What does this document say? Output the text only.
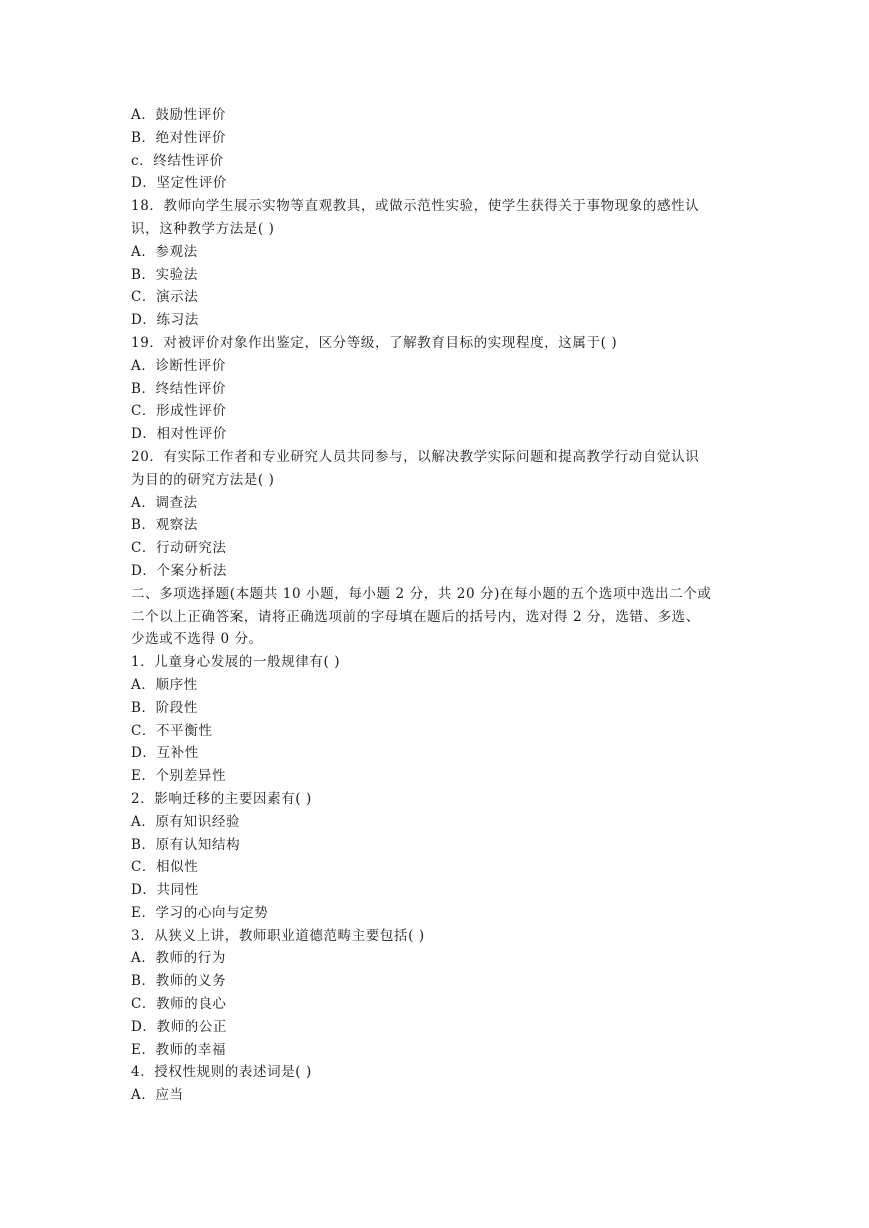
A．鼓励性评价
B．绝对性评价
c．终结性评价
D．坚定性评价
18．教师向学生展示实物等直观教具，或做示范性实验，使学生获得关于事物现象的感性认
识，这种教学方法是( )
A．参观法
B．实验法
C．演示法
D．练习法
19．对被评价对象作出鉴定，区分等级，了解教育目标的实现程度，这属于( )
A．诊断性评价
B．终结性评价
C．形成性评价
D．相对性评价
20．有实际工作者和专业研究人员共同参与，以解决教学实际问题和提高教学行动自觉认识
为目的的研究方法是( )
A．调查法
B．观察法
C．行动研究法
D．个案分析法
二、多项选择题(本题共 10 小题，每小题 2 分，共 20 分)在每小题的五个选项中选出二个或
二个以上正确答案，请将正确选项前的字母填在题后的括号内，选对得 2 分，选错、多选、
少选或不选得 0 分。
1．儿童身心发展的一般规律有( )
A．顺序性
B．阶段性
C．不平衡性
D．互补性
E．个别差异性
2．影响迁移的主要因素有( )
A．原有知识经验
B．原有认知结构
C．相似性
D．共同性
E．学习的心向与定势
3．从狭义上讲，教师职业道德范畴主要包括( )
A．教师的行为
B．教师的义务
C．教师的良心
D．教师的公正
E．教师的幸福
4．授权性规则的表述词是( )
A．应当
